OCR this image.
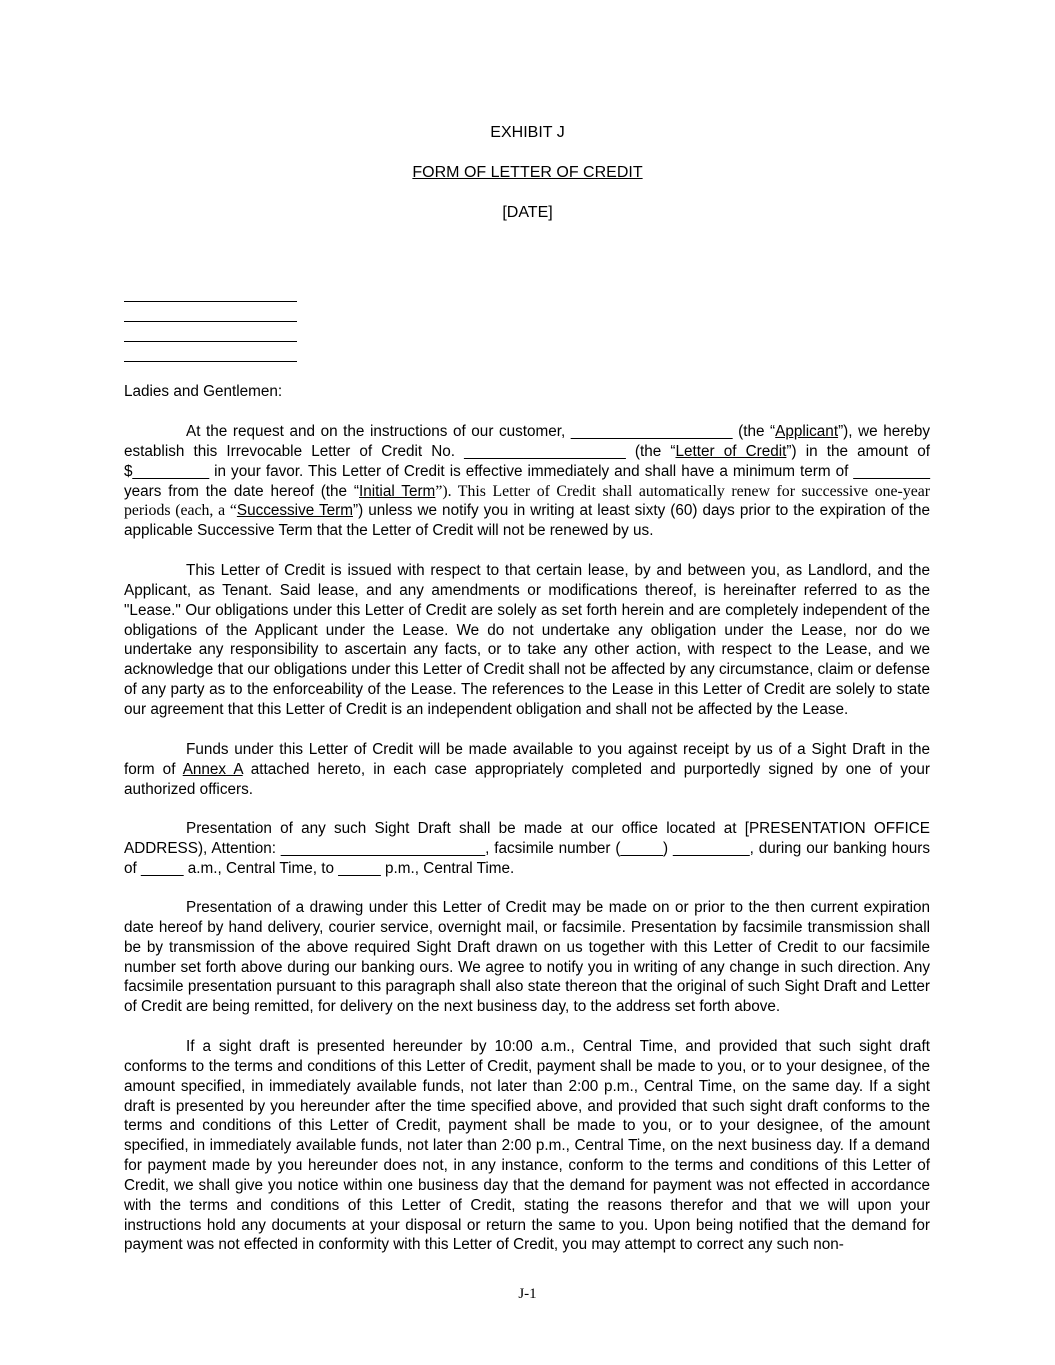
EXHIBIT J
FORM OF LETTER OF CREDIT
[DATE]
Ladies and Gentlemen:

At the request and on the instructions of our customer, ___________________ (the “Applicant”), we hereby establish this Irrevocable Letter of Credit No. ___________________ (the “Letter of Credit”) in the amount of $_________ in your favor. This Letter of Credit is effective immediately and shall have a minimum term of _________ years from the date hereof (the “Initial Term”). This Letter of Credit shall automatically renew for successive one-year periods (each, a “Successive Term”) unless we notify you in writing at least sixty (60) days prior to the expiration of the applicable Successive Term that the Letter of Credit will not be renewed by us.

This Letter of Credit is issued with respect to that certain lease, by and between you, as Landlord, and the Applicant, as Tenant. Said lease, and any amendments or modifications thereof, is hereinafter referred to as the "Lease." Our obligations under this Letter of Credit are solely as set forth herein and are completely independent of the obligations of the Applicant under the Lease. We do not undertake any obligation under the Lease, nor do we undertake any responsibility to ascertain any facts, or to take any other action, with respect to the Lease, and we acknowledge that our obligations under this Letter of Credit shall not be affected by any circumstance, claim or defense of any party as to the enforceability of the Lease. The references to the Lease in this Letter of Credit are solely to state our agreement that this Letter of Credit is an independent obligation and shall not be affected by the Lease.

Funds under this Letter of Credit will be made available to you against receipt by us of a Sight Draft in the form of Annex A attached hereto, in each case appropriately completed and purportedly signed by one of your authorized officers.

Presentation of any such Sight Draft shall be made at our office located at [PRESENTATION OFFICE ADDRESS), Attention: ________________________, facsimile number (_____) _________, during our banking hours of _____ a.m., Central Time, to _____ p.m., Central Time.

Presentation of a drawing under this Letter of Credit may be made on or prior to the then current expiration date hereof by hand delivery, courier service, overnight mail, or facsimile. Presentation by facsimile transmission shall be by transmission of the above required Sight Draft drawn on us together with this Letter of Credit to our facsimile number set forth above during our banking ours. We agree to notify you in writing of any change in such direction. Any facsimile presentation pursuant to this paragraph shall also state thereon that the original of such Sight Draft and Letter of Credit are being remitted, for delivery on the next business day, to the address set forth above.

If a sight draft is presented hereunder by 10:00 a.m., Central Time, and provided that such sight draft conforms to the terms and conditions of this Letter of Credit, payment shall be made to you, or to your designee, of the amount specified, in immediately available funds, not later than 2:00 p.m., Central Time, on the same day. If a sight draft is presented by you hereunder after the time specified above, and provided that such sight draft conforms to the terms and conditions of this Letter of Credit, payment shall be made to you, or to your designee, of the amount specified, in immediately available funds, not later than 2:00 p.m., Central Time, on the next business day. If a demand for payment made by you hereunder does not, in any instance, conform to the terms and conditions of this Letter of Credit, we shall give you notice within one business day that the demand for payment was not effected in accordance with the terms and conditions of this Letter of Credit, stating the reasons therefor and that we will upon your instructions hold any documents at your disposal or return the same to you. Upon being notified that the demand for payment was not effected in conformity with this Letter of Credit, you may attempt to correct any such non-

J-1
